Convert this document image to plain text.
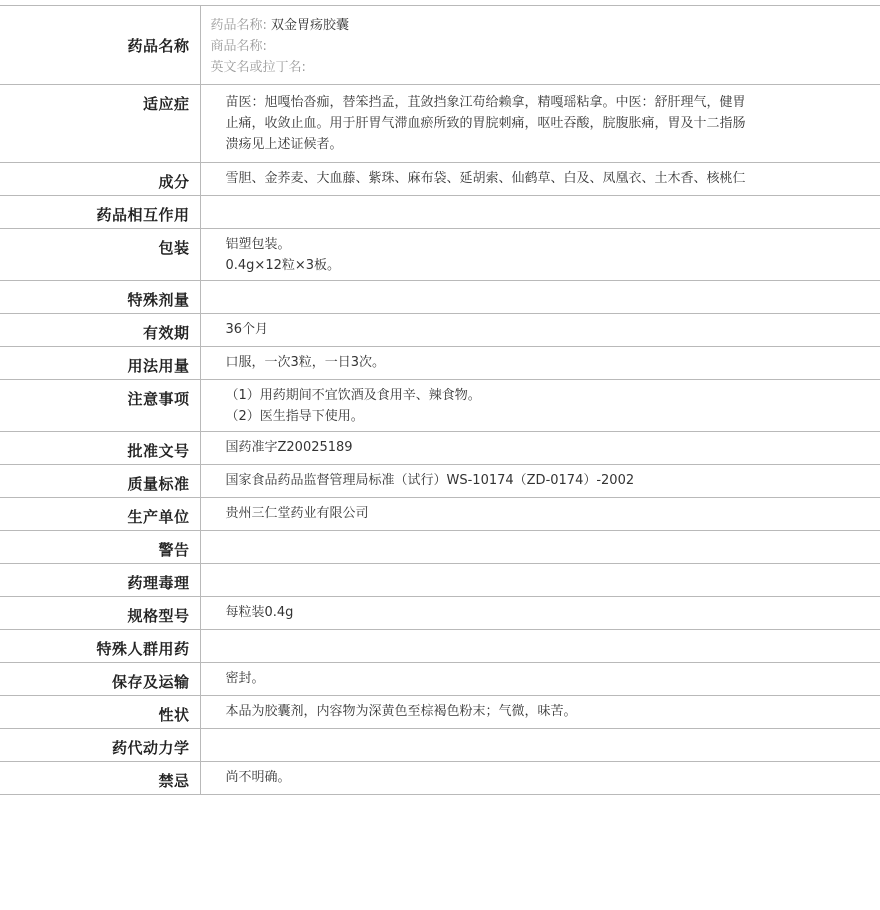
药品名称	药品名称: 双金胃疡胶囊
商品名称:
英文名或拉丁名:

适应症	苗医：旭嘎怡沓痂，替笨挡孟，苴敛挡象江苟给赖拿，精嘎瑶粘拿。中医：舒肝理气，健胃
止痛，收敛止血。用于肝胃气滞血瘀所致的胃脘刺痛，呕吐吞酸，脘腹胀痛，胃及十二指肠
溃疡见上述证候者。

成分	雪胆、金荞麦、大血藤、紫珠、麻布袋、延胡索、仙鹤草、白及、凤凰衣、土木香、核桃仁
药品相互作用	
包装	铝塑包装。
0.4g×12粒×3板。

特殊剂量	
有效期	36个月
用法用量	口服，一次3粒，一日3次。
注意事项	（1）用药期间不宜饮酒及食用辛、辣食物。
（2）医生指导下使用。

批准文号	国药准字Z20025189
质量标准	国家食品药品监督管理局标准（试行）WS-10174（ZD-0174）-2002
生产单位	贵州三仁堂药业有限公司
警告	
药理毒理	
规格型号	每粒装0.4g
特殊人群用药	
保存及运输	密封。
性状	本品为胶囊剂，内容物为深黄色至棕褐色粉末；气微，味苦。
药代动力学	
禁忌	尚不明确。
